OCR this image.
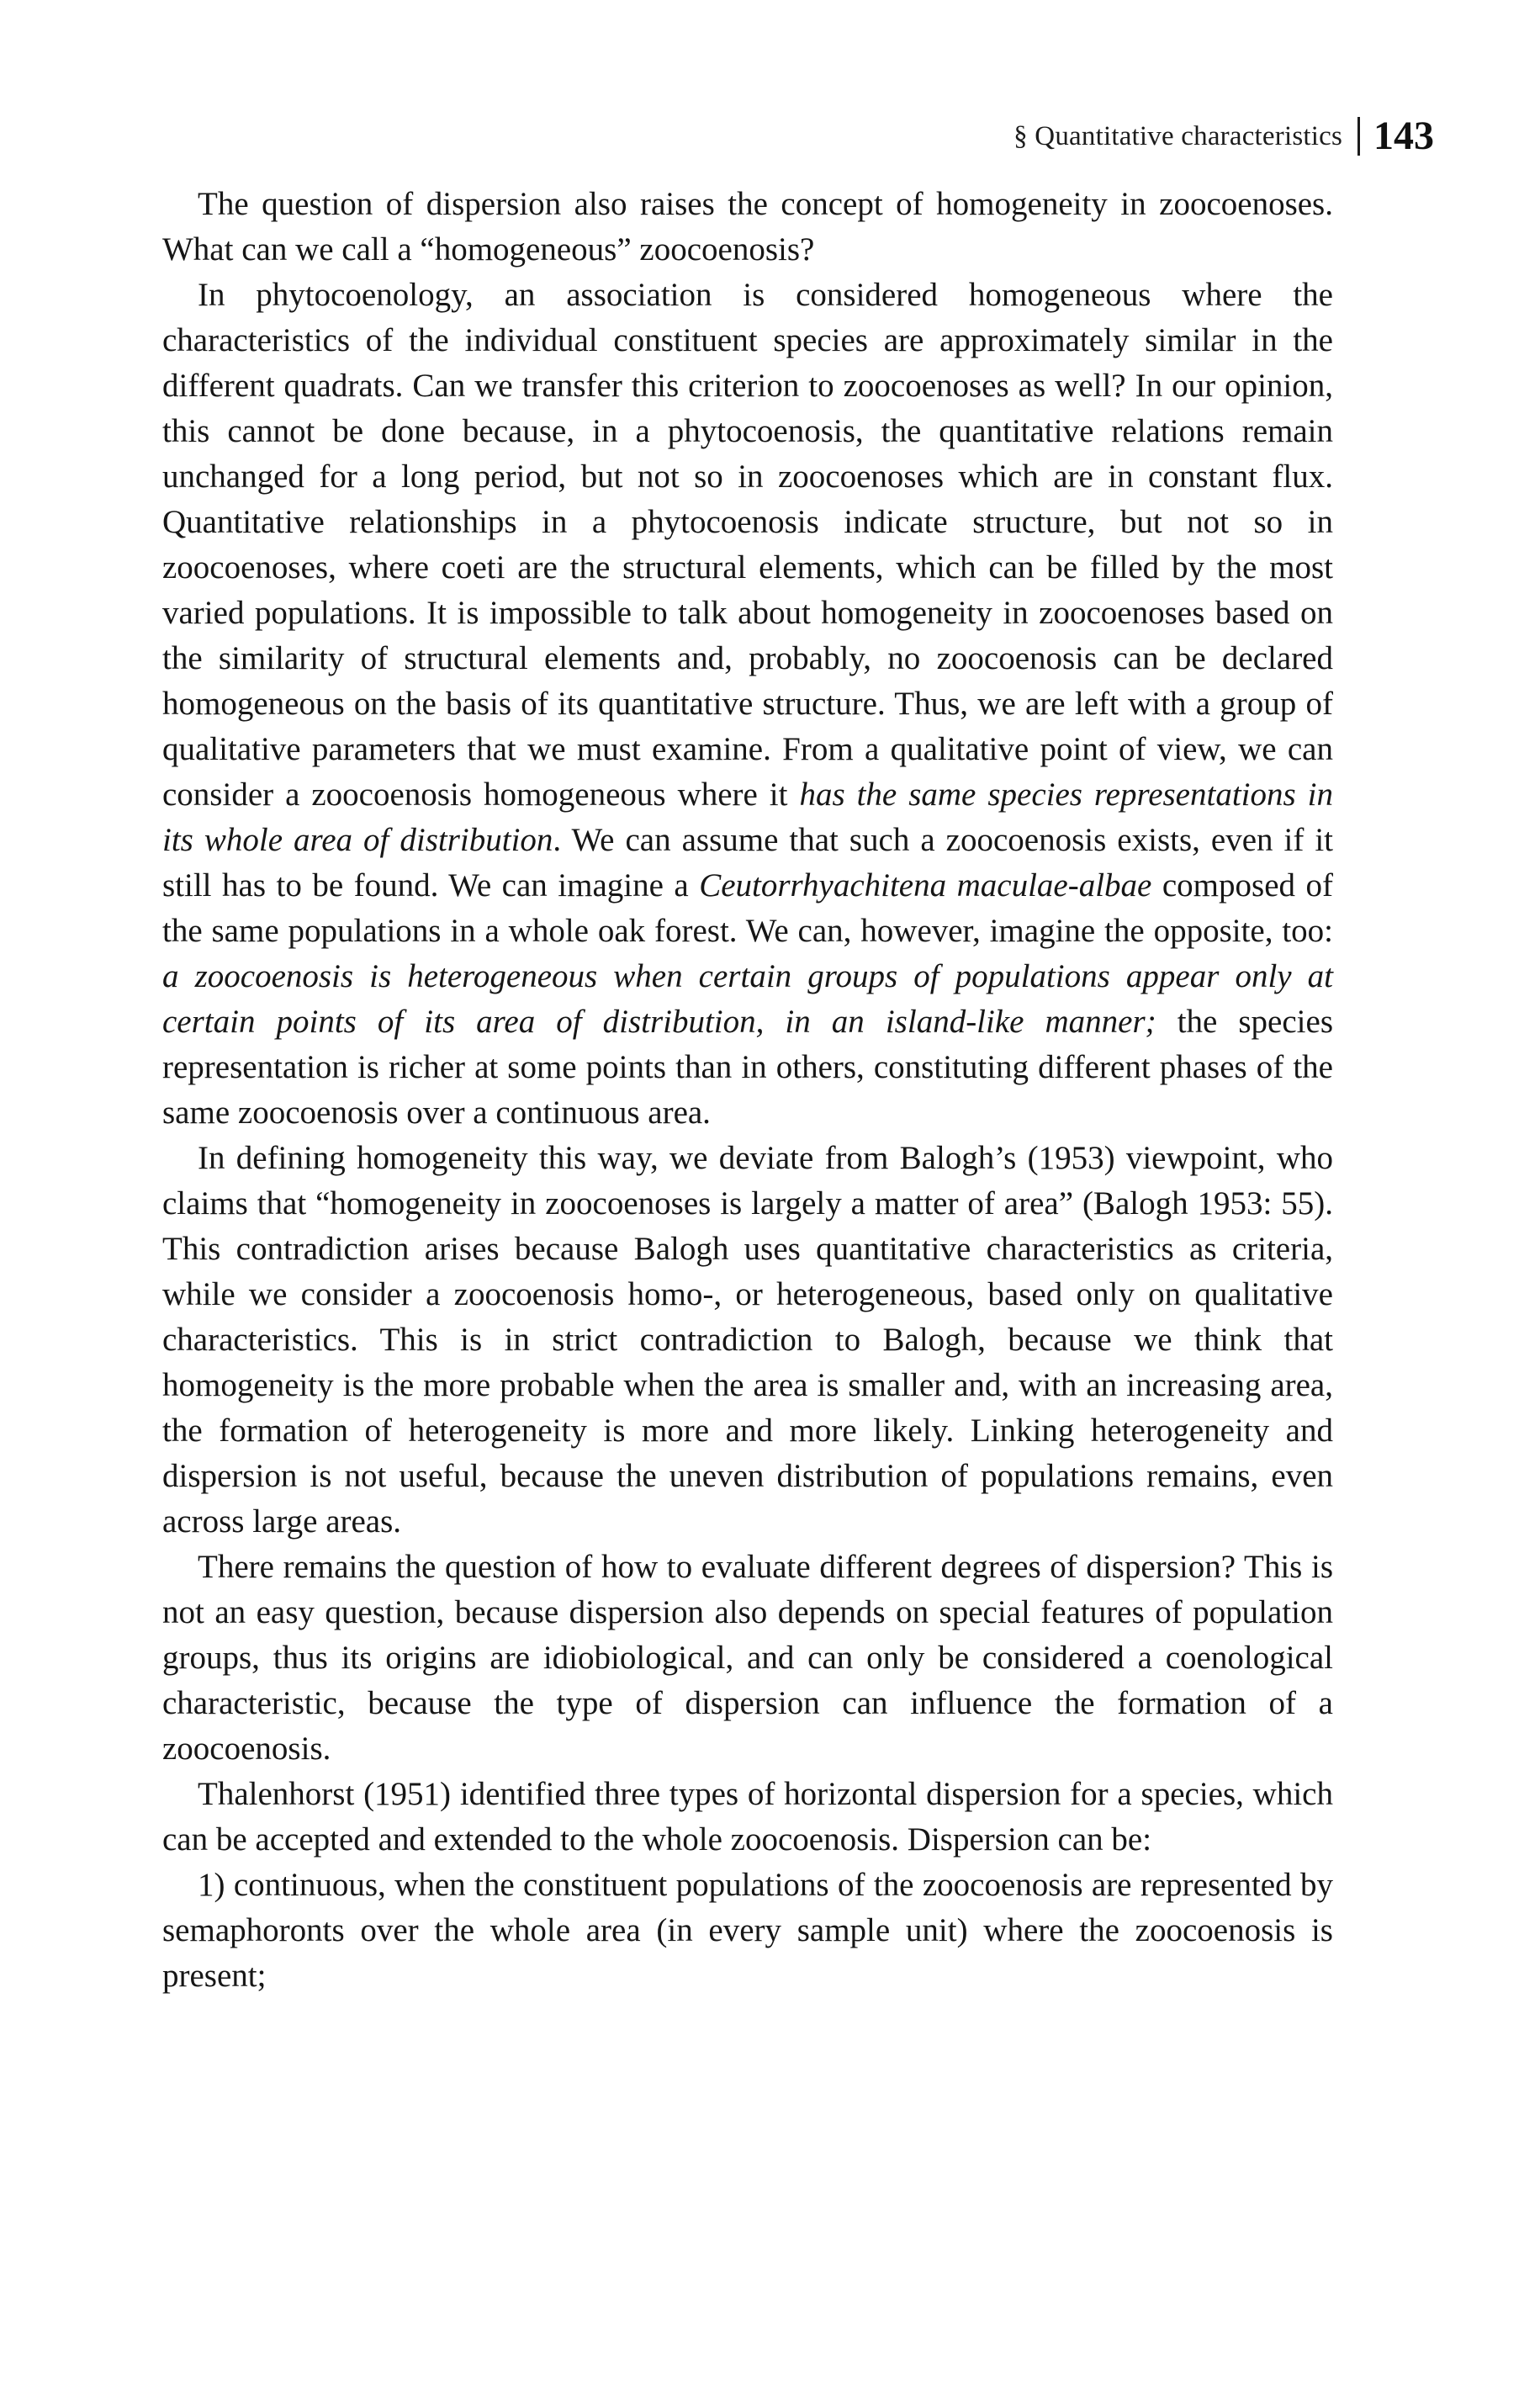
§ Quantitative characteristics 143

The question of dispersion also raises the concept of homogeneity in zoocoenoses. What can we call a “homogeneous” zoocoenosis?

In phytocoenology, an association is considered homogeneous where the characteristics of the individual constituent species are approximately similar in the different quadrats. Can we transfer this criterion to zoocoenoses as well? In our opinion, this cannot be done because, in a phytocoenosis, the quantitative relations remain unchanged for a long period, but not so in zoocoenoses which are in constant flux. Quantitative relationships in a phytocoenosis indicate structure, but not so in zoocoenoses, where coeti are the structural elements, which can be filled by the most varied populations. It is impossible to talk about homogeneity in zoocoenoses based on the similarity of structural elements and, probably, no zoocoenosis can be declared homogeneous on the basis of its quantitative structure. Thus, we are left with a group of qualitative parameters that we must examine. From a qualitative point of view, we can consider a zoocoenosis homogeneous where it has the same species representations in its whole area of distribution. We can assume that such a zoocoenosis exists, even if it still has to be found. We can imagine a Ceutorrhyachitena maculae-albae composed of the same populations in a whole oak forest. We can, however, imagine the opposite, too: a zoocoenosis is heterogeneous when certain groups of populations appear only at certain points of its area of distribution, in an island-like manner; the species representation is richer at some points than in others, constituting different phases of the same zoocoenosis over a continuous area.

In defining homogeneity this way, we deviate from Balogh’s (1953) viewpoint, who claims that “homogeneity in zoocoenoses is largely a matter of area” (Balogh 1953: 55). This contradiction arises because Balogh uses quantitative characteristics as criteria, while we consider a zoocoenosis homo-, or heterogeneous, based only on qualitative characteristics. This is in strict contradiction to Balogh, because we think that homogeneity is the more probable when the area is smaller and, with an increasing area, the formation of heterogeneity is more and more likely. Linking heterogeneity and dispersion is not useful, because the uneven distribution of populations remains, even across large areas.

There remains the question of how to evaluate different degrees of dispersion? This is not an easy question, because dispersion also depends on special features of population groups, thus its origins are idiobiological, and can only be considered a coenological characteristic, because the type of dispersion can influence the formation of a zoocoenosis.

Thalenhorst (1951) identified three types of horizontal dispersion for a species, which can be accepted and extended to the whole zoocoenosis. Dispersion can be:

1) continuous, when the constituent populations of the zoocoenosis are represented by semaphoronts over the whole area (in every sample unit) where the zoocoenosis is present;
